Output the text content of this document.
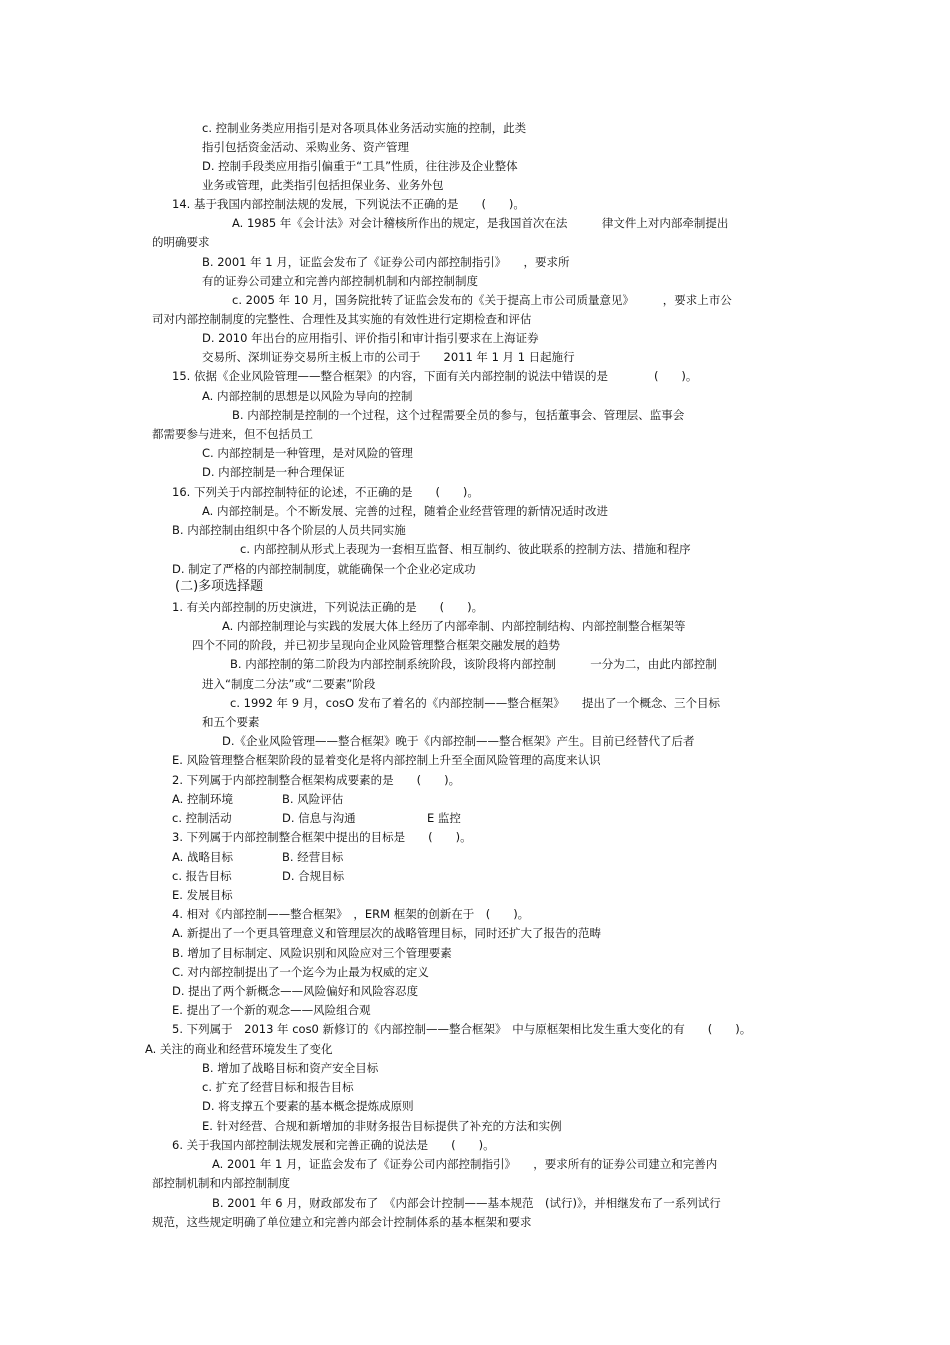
c. 控制业务类应用指引是对各项具体业务活动实施的控制，此类
指引包括资金活动、采购业务、资产管理
D. 控制手段类应用指引偏重于“工具”性质，往往涉及企业整体
业务或管理，此类指引包括担保业务、业务外包
14. 基于我国内部控制法规的发展，下列说法不正确的是　　(　　)。
A. 1985 年《会计法》对会计稽核所作出的规定，是我国首次在法　　　律文件上对内部牵制提出
的明确要求
B. 2001 年 1 月，证监会发布了《证券公司内部控制指引》　　，要求所
有的证券公司建立和完善内部控制机制和内部控制制度
c. 2005 年 10 月，国务院批转了证监会发布的《关于提高上市公司质量意见》　　　，要求上市公
司对内部控制制度的完整性、合理性及其实施的有效性进行定期检查和评估
D. 2010 年出台的应用指引、评价指引和审计指引要求在上海证券
交易所、深圳证券交易所主板上市的公司于　　2011 年 1 月 1 日起施行
15. 依据《企业风险管理——整合框架》的内容，下面有关内部控制的说法中错误的是　　　　(　　)。
A. 内部控制的思想是以风险为导向的控制
B. 内部控制是控制的一个过程，这个过程需要全员的参与，包括董事会、管理层、监事会
都需要参与进来，但不包括员工
C. 内部控制是一种管理，是对风险的管理
D. 内部控制是一种合理保证
16. 下列关于内部控制特征的论述，不正确的是　　(　　)。
A. 内部控制是。个不断发展、完善的过程，随着企业经营管理的新情况适时改进
B. 内部控制由组织中各个阶层的人员共同实施
c. 内部控制从形式上表现为一套相互监督、相互制约、彼此联系的控制方法、措施和程序
D. 制定了严格的内部控制制度，就能确保一个企业必定成功
(二)多项选择题
1. 有关内部控制的历史演进，下列说法正确的是　　(　　)。
A. 内部控制理论与实践的发展大体上经历了内部牵制、内部控制结构、内部控制整合框架等
四个不同的阶段，并已初步呈现向企业风险管理整合框架交融发展的趋势
B. 内部控制的第二阶段为内部控制系统阶段，该阶段将内部控制　　　一分为二，由此内部控制
进入“制度二分法”或“二要素”阶段
c. 1992 年 9 月，cosO 发布了着名的《内部控制——整合框架》　　提出了一个概念、三个目标
和五个要素
D.《企业风险管理——整合框架》晚于《内部控制——整合框架》产生。目前已经替代了后者
E. 风险管理整合框架阶段的显着变化是将内部控制上升至全面风险管理的高度来认识
2. 下列属于内部控制整合框架构成要素的是　　(　　)。
A. 控制环境	B. 风险评估
c. 控制活动	D. 信息与沟通	E 监控
3. 下列属于内部控制整合框架中提出的目标是　　(　　)。
A. 战略目标	B. 经营目标
c. 报告目标	D. 合规目标
E. 发展目标
4. 相对《内部控制——整合框架》　，ERM 框架的创新在于　(　　)。
A. 新提出了一个更具管理意义和管理层次的战略管理目标，同时还扩大了报告的范畴
B. 增加了目标制定、风险识别和风险应对三个管理要素
C. 对内部控制提出了一个迄今为止最为权威的定义
D. 提出了两个新概念——风险偏好和风险容忍度
E. 提出了一个新的观念——风险组合观
5. 下列属于　2013 年 cos0 新修订的《内部控制——整合框架》　中与原框架相比发生重大变化的有　　(　　)。
A. 关注的商业和经营环境发生了变化
B. 增加了战略目标和资产安全目标
c. 扩充了经营目标和报告目标
D. 将支撑五个要素的基本概念提炼成原则
E. 针对经营、合规和新增加的非财务报告目标提供了补充的方法和实例
6. 关于我国内部控制法规发展和完善正确的说法是　　(　　)。
A. 2001 年 1 月，证监会发布了《证券公司内部控制指引》　　，要求所有的证券公司建立和完善内
部控制机制和内部控制制度
B. 2001 年 6 月，财政部发布了　《内部会计控制——基本规范　(试行)》，并相继发布了一系列试行
规范，这些规定明确了单位建立和完善内部会计控制体系的基本框架和要求
